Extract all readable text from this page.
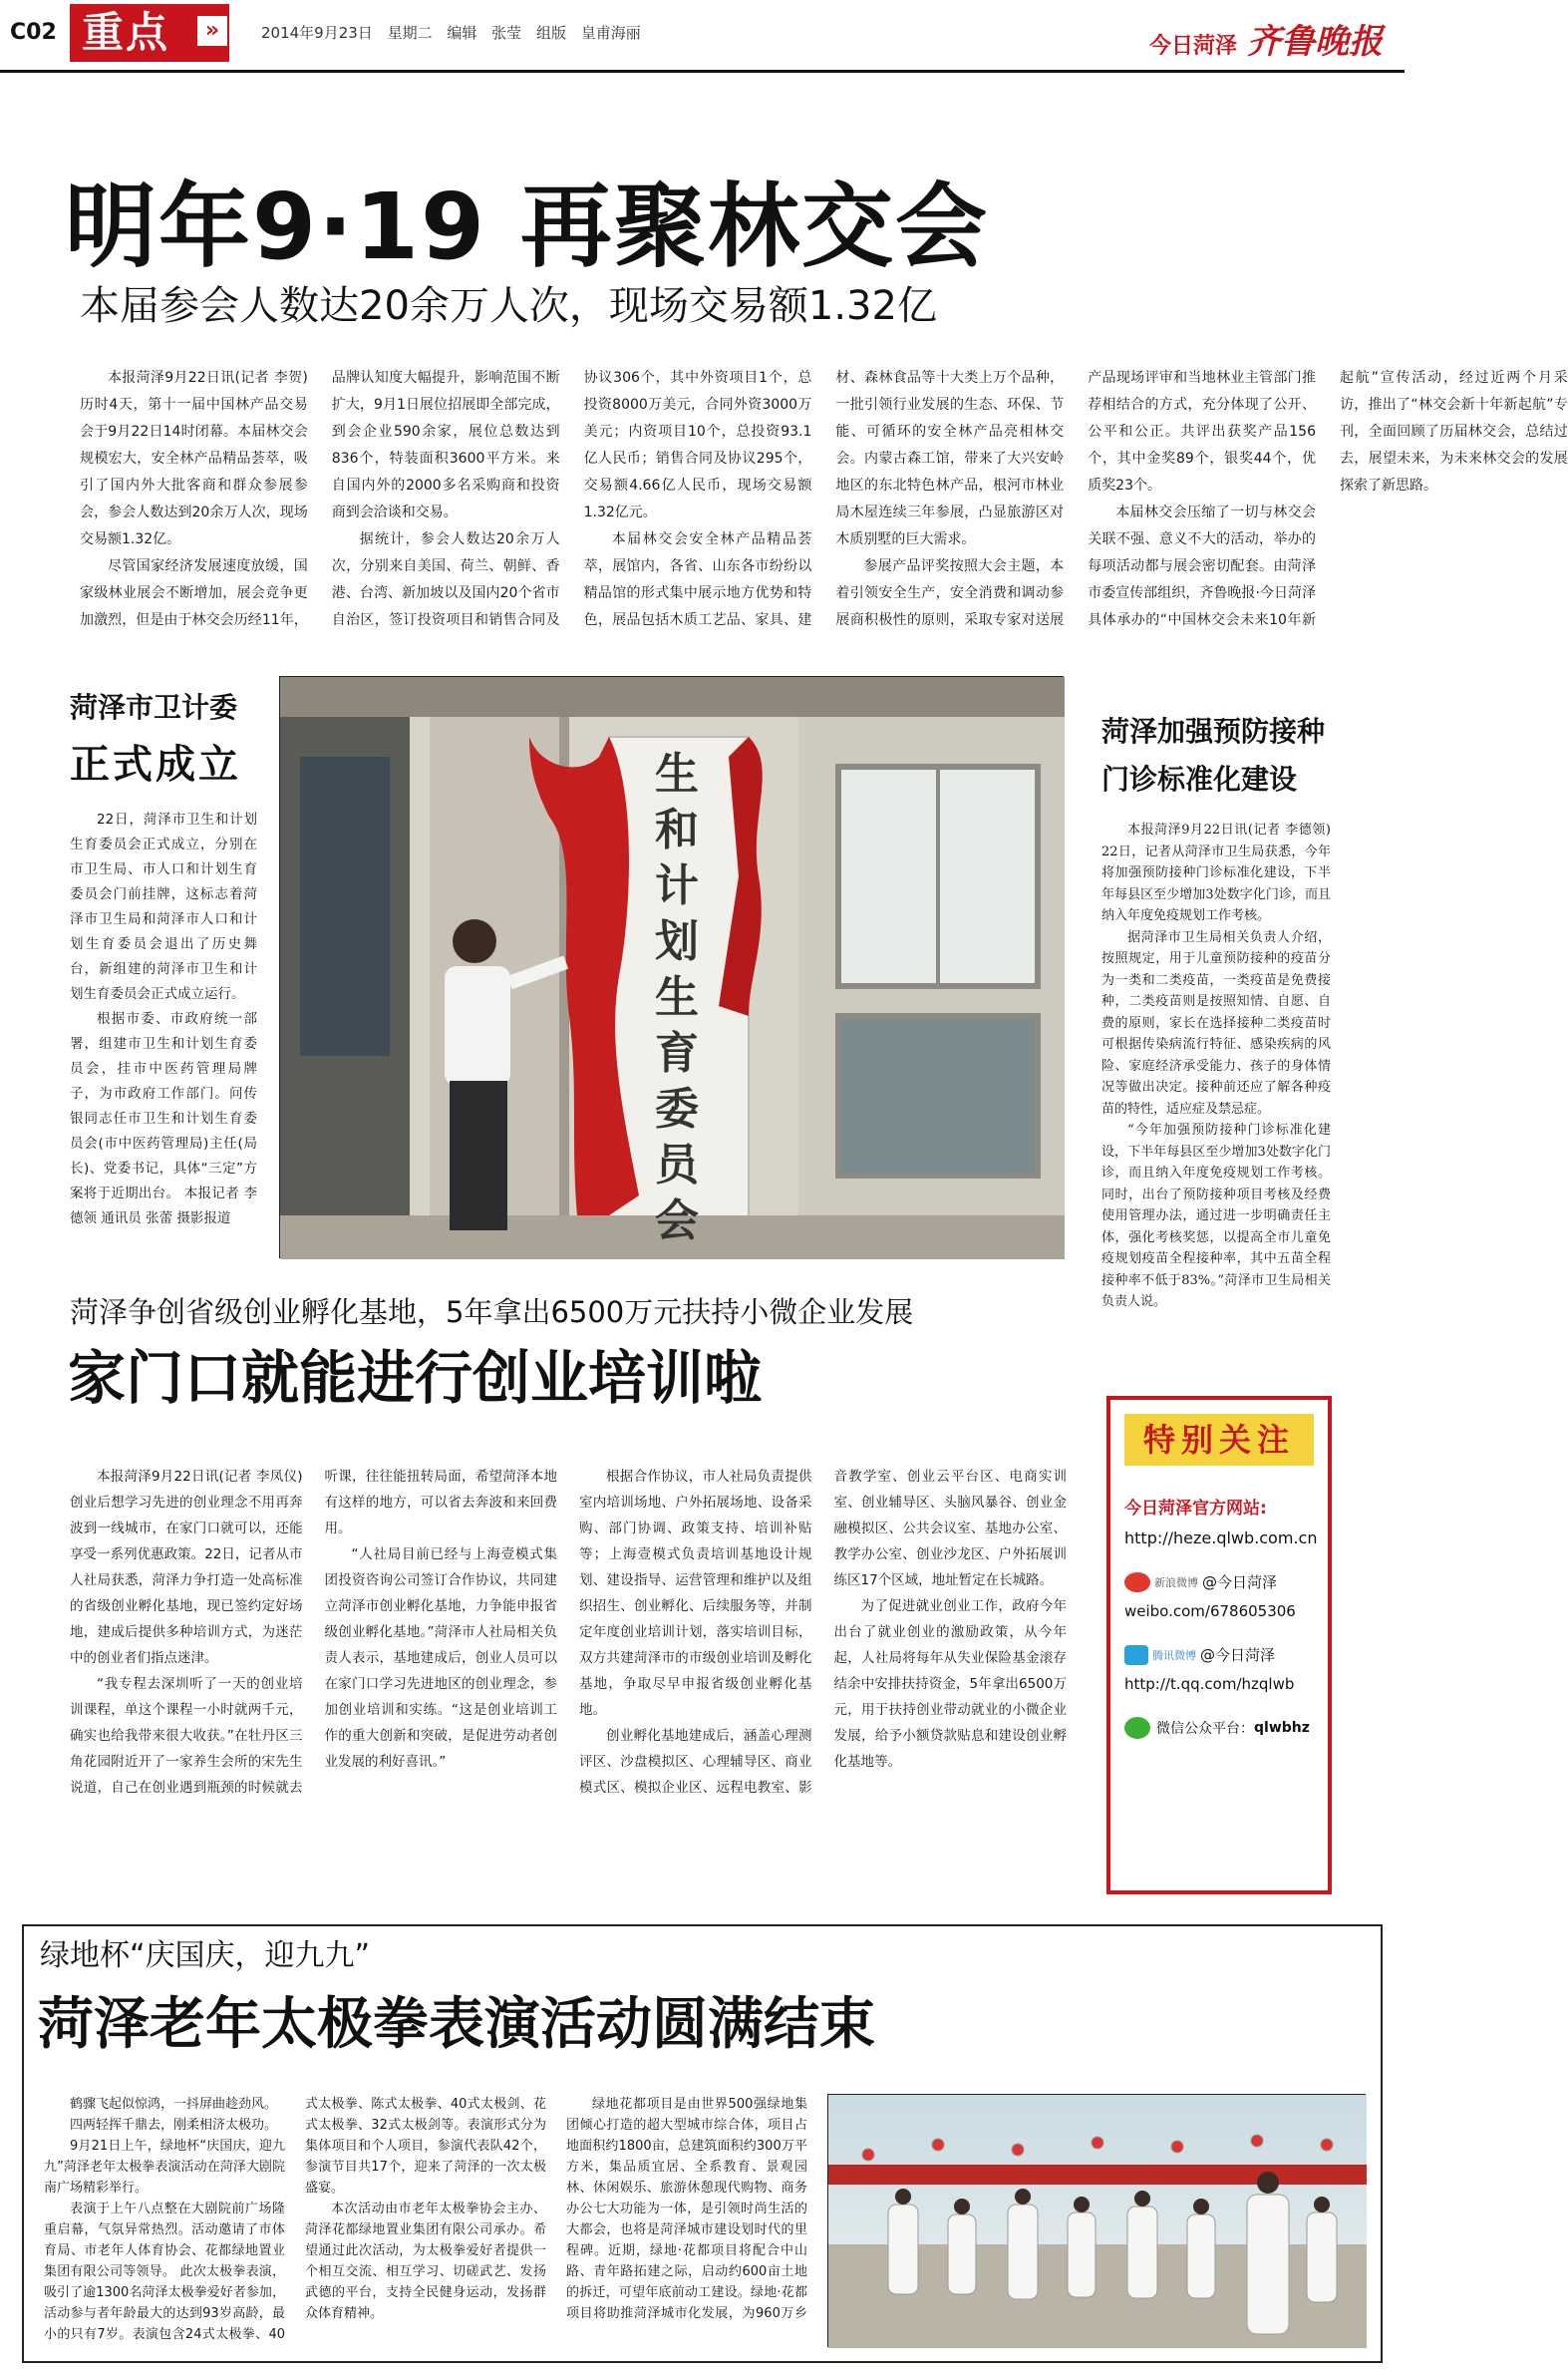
C02 重点	»	2014年9月23日 星期二 编辑 张莹 组版 皇甫海丽
今日菏泽 齐鲁晚报
明年9·19 再聚林交会
本届参会人数达20余万人次，现场交易额1.32亿

本报菏泽9月22日讯(记者 李贺) 历时4天，第十一届中国林产品交易会于9月22日14时闭幕。本届林交会规模宏大，安全林产品精品荟萃，吸引了国内外大批客商和群众参展参会，参会人数达到20余万人次，现场交易额1.32亿。

尽管国家经济发展速度放缓，国家级林业展会不断增加，展会竞争更加激烈，但是由于林交会历经11年，品牌认知度大幅提升，影响范围不断扩大，9月1日展位招展即全部完成，到会企业590余家，展位总数达到836个，特装面积3600平方米。来自国内外的2000多名采购商和投资商到会洽谈和交易。

据统计，参会人数达20余万人次，分别来自美国、荷兰、朝鲜、香港、台湾、新加坡以及国内20个省市自治区，签订投资项目和销售合同及协议306个，其中外资项目1个，总投资8000万美元，合同外资3000万美元；内资项目10个，总投资93.1亿人民币；销售合同及协议295个，交易额4.66亿人民币，现场交易额1.32亿元。

本届林交会安全林产品精品荟萃，展馆内，各省、山东各市纷纷以精品馆的形式集中展示地方优势和特色，展品包括木质工艺品、家具、建材、森林食品等十大类上万个品种，一批引领行业发展的生态、环保、节能、可循环的安全林产品亮相林交会。内蒙古森工馆，带来了大兴安岭地区的东北特色林产品，根河市林业局木屋连续三年参展，凸显旅游区对木质别墅的巨大需求。

参展产品评奖按照大会主题，本着引领安全生产，安全消费和调动参展商积极性的原则，采取专家对送展产品现场评审和当地林业主管部门推荐相结合的方式，充分体现了公开、公平和公正。共评出获奖产品156个，其中金奖89个，银奖44个，优质奖23个。

本届林交会压缩了一切与林交会关联不强、意义不大的活动，举办的每项活动都与展会密切配套。由菏泽市委宣传部组织，齐鲁晚报·今日菏泽具体承办的“中国林交会未来10年新起航”宣传活动，经过近两个月采访，推出了“林交会新十年新起航”专刊，全面回顾了历届林交会，总结过去，展望未来，为未来林交会的发展探索了新思路。

菏泽市卫计委
正式成立

22日，菏泽市卫生和计划生育委员会正式成立，分别在市卫生局、市人口和计划生育委员会门前挂牌，这标志着菏泽市卫生局和菏泽市人口和计划生育委员会退出了历史舞台，新组建的菏泽市卫生和计划生育委员会正式成立运行。

根据市委、市政府统一部署，组建市卫生和计划生育委员会，挂市中医药管理局牌子，为市政府工作部门。问传银同志任市卫生和计划生育委员会(市中医药管理局)主任(局长)、党委书记，具体“三定”方案将于近期出台。 本报记者 李德领 通讯员 张蕾 摄影报道

生和计划生育委员会
菏泽加强预防接种
门诊标准化建设

本报菏泽9月22日讯(记者 李德领) 22日，记者从菏泽市卫生局获悉，今年将加强预防接种门诊标准化建设，下半年每县区至少增加3处数字化门诊，而且纳入年度免疫规划工作考核。

据菏泽市卫生局相关负责人介绍，按照规定，用于儿童预防接种的疫苗分为一类和二类疫苗，一类疫苗是免费接种，二类疫苗则是按照知情、自愿、自费的原则，家长在选择接种二类疫苗时可根据传染病流行特征、感染疾病的风险、家庭经济承受能力、孩子的身体情况等做出决定。接种前还应了解各种疫苗的特性，适应症及禁忌症。

“今年加强预防接种门诊标准化建设，下半年每县区至少增加3处数字化门诊，而且纳入年度免疫规划工作考核。同时，出台了预防接种项目考核及经费使用管理办法，通过进一步明确责任主体，强化考核奖惩，以提高全市儿童免疫规划疫苗全程接种率，其中五苗全程接种率不低于83%。”菏泽市卫生局相关负责人说。

菏泽争创省级创业孵化基地，5年拿出6500万元扶持小微企业发展
家门口就能进行创业培训啦

本报菏泽9月22日讯(记者 李凤仪) 创业后想学习先进的创业理念不用再奔波到一线城市，在家门口就可以，还能享受一系列优惠政策。22日，记者从市人社局获悉，菏泽力争打造一处高标准的省级创业孵化基地，现已签约定好场地，建成后提供多种培训方式，为迷茫中的创业者们指点迷津。

“我专程去深圳听了一天的创业培训课程，单这个课程一小时就两千元，确实也给我带来很大收获。”在牡丹区三角花园附近开了一家养生会所的宋先生说道，自己在创业遇到瓶颈的时候就去听课，往往能扭转局面，希望菏泽本地有这样的地方，可以省去奔波和来回费用。

“人社局目前已经与上海壹模式集团投资咨询公司签订合作协议，共同建立菏泽市创业孵化基地，力争能申报省级创业孵化基地。”菏泽市人社局相关负责人表示，基地建成后，创业人员可以在家门口学习先进地区的创业理念，参加创业培训和实练。“这是创业培训工作的重大创新和突破，是促进劳动者创业发展的利好喜讯。”

根据合作协议，市人社局负责提供室内培训场地、户外拓展场地、设备采购、部门协调、政策支持、培训补贴等；上海壹模式负责培训基地设计规划、建设指导、运营管理和维护以及组织招生、创业孵化、后续服务等，并制定年度创业培训计划，落实培训目标，双方共建菏泽市的市级创业培训及孵化基地，争取尽早申报省级创业孵化基地。

创业孵化基地建成后，涵盖心理测评区、沙盘模拟区、心理辅导区、商业模式区、模拟企业区、远程电教室、影音教学室、创业云平台区、电商实训室、创业辅导区、头脑风暴谷、创业金融模拟区、公共会议室、基地办公室、教学办公室、创业沙龙区、户外拓展训练区17个区域，地址暂定在长城路。

为了促进就业创业工作，政府今年出台了就业创业的激励政策，从今年起，人社局将每年从失业保险基金滚存结余中安排扶持资金，5年拿出6500万元，用于扶持创业带动就业的小微企业发展，给予小额贷款贴息和建设创业孵化基地等。

特别关注
今日菏泽官方网站:
http://heze.qlwb.com.cn
新浪微博 @今日菏泽
weibo.com/678605306
腾讯微博 @今日菏泽
http://t.qq.com/hzqlwb
微信公众平台： qlwbhz
绿地杯“庆国庆，迎九九”
菏泽老年太极拳表演活动圆满结束

鹤骤飞起似惊鸿，一抖屏曲趁劲风。

四两轻挥千鼎去，刚柔相济太极功。

9月21日上午，绿地杯“庆国庆，迎九九”菏泽老年太极拳表演活动在菏泽大剧院南广场精彩举行。

表演于上午八点整在大剧院前广场隆重启幕，气氛异常热烈。活动邀请了市体育局、市老年人体育协会、花都绿地置业集团有限公司等领导。 此次太极拳表演，吸引了逾1300名菏泽太极拳爱好者参加，活动参与者年龄最大的达到93岁高龄，最小的只有7岁。表演包含24式太极拳、40式太极拳、陈式太极拳、40式太极剑、花式太极拳、32式太极剑等。表演形式分为集体项目和个人项目，参演代表队42个，参演节目共17个，迎来了菏泽的一次太极盛宴。

本次活动由市老年太极拳协会主办、菏泽花都绿地置业集团有限公司承办。希望通过此次活动，为太极拳爱好者提供一个相互交流、相互学习、切磋武艺、发扬武德的平台，支持全民健身运动，发扬群众体育精神。

绿地花都项目是由世界500强绿地集团倾心打造的超大型城市综合体，项目占地面积约1800亩，总建筑面积约300万平方米，集品质宜居、全系教育、景观园林、休闲娱乐、旅游休憩现代购物、商务办公七大功能为一体，是引领时尚生活的大都会，也将是菏泽城市建设划时代的里程碑。近期，绿地·花都项目将配合中山路、青年路拓建之际，启动约600亩土地的拆迁，可望年底前动工建设。绿地·花都项目将助推菏泽城市化发展，为960万乡
